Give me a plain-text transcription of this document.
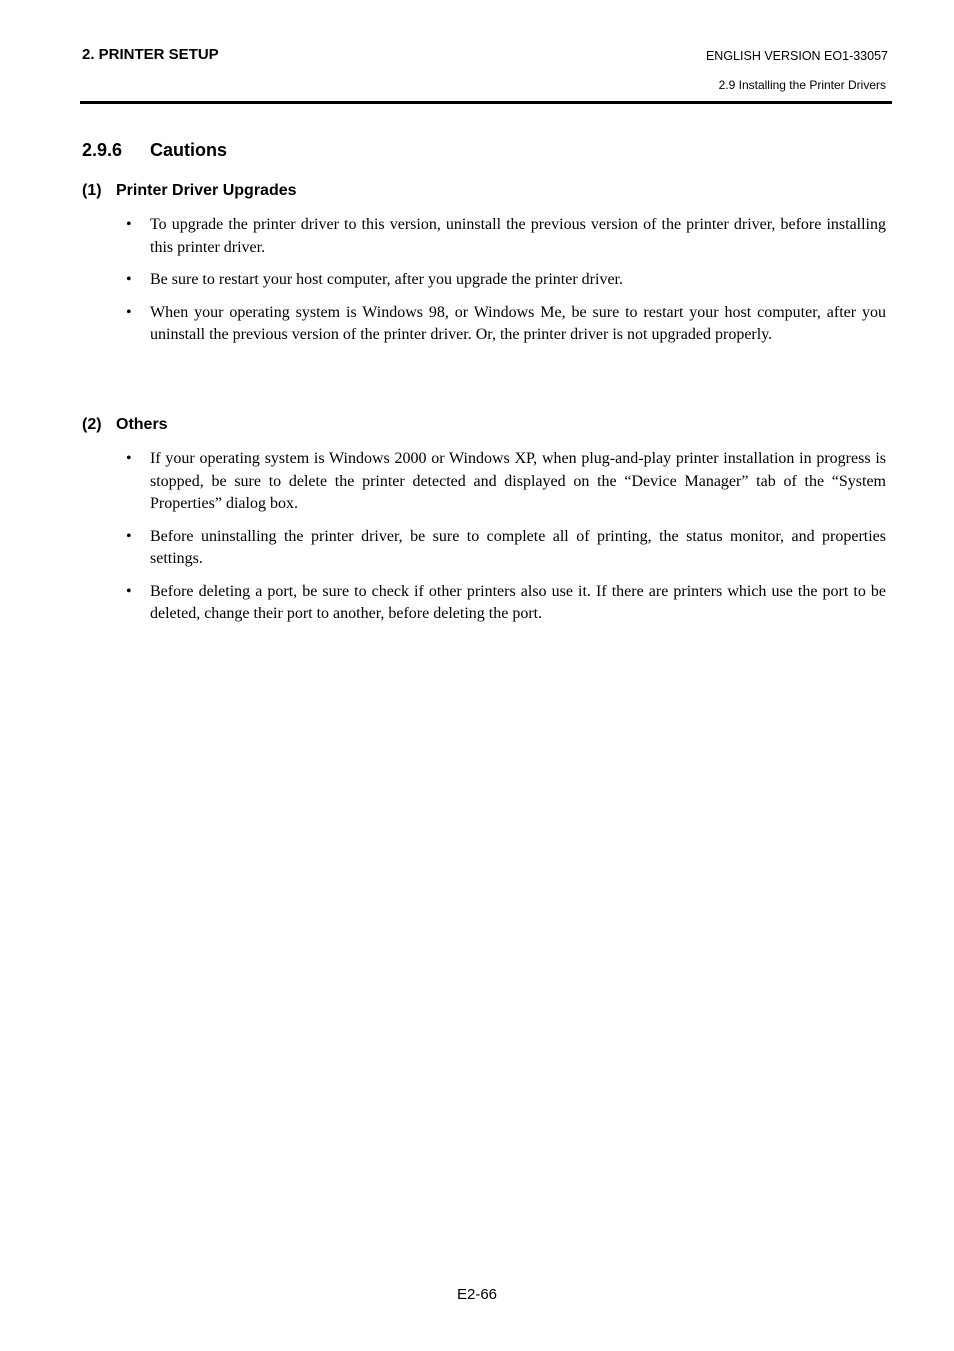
2. PRINTER SETUP	ENGLISH VERSION EO1-33057
2.9 Installing the Printer Drivers
2.9.6 Cautions
(1) Printer Driver Upgrades
•	To upgrade the printer driver to this version, uninstall the previous version of the printer driver, before installing this printer driver.
•	Be sure to restart your host computer, after you upgrade the printer driver.
•	When your operating system is Windows 98, or Windows Me, be sure to restart your host computer, after you uninstall the previous version of the printer driver. Or, the printer driver is not upgraded properly.
(2) Others
•	If your operating system is Windows 2000 or Windows XP, when plug-and-play printer installation in progress is stopped, be sure to delete the printer detected and displayed on the “Device Manager” tab of the “System Properties” dialog box.
•	Before uninstalling the printer driver, be sure to complete all of printing, the status monitor, and properties settings.
•	Before deleting a port, be sure to check if other printers also use it. If there are printers which use the port to be deleted, change their port to another, before deleting the port.
E2-66
